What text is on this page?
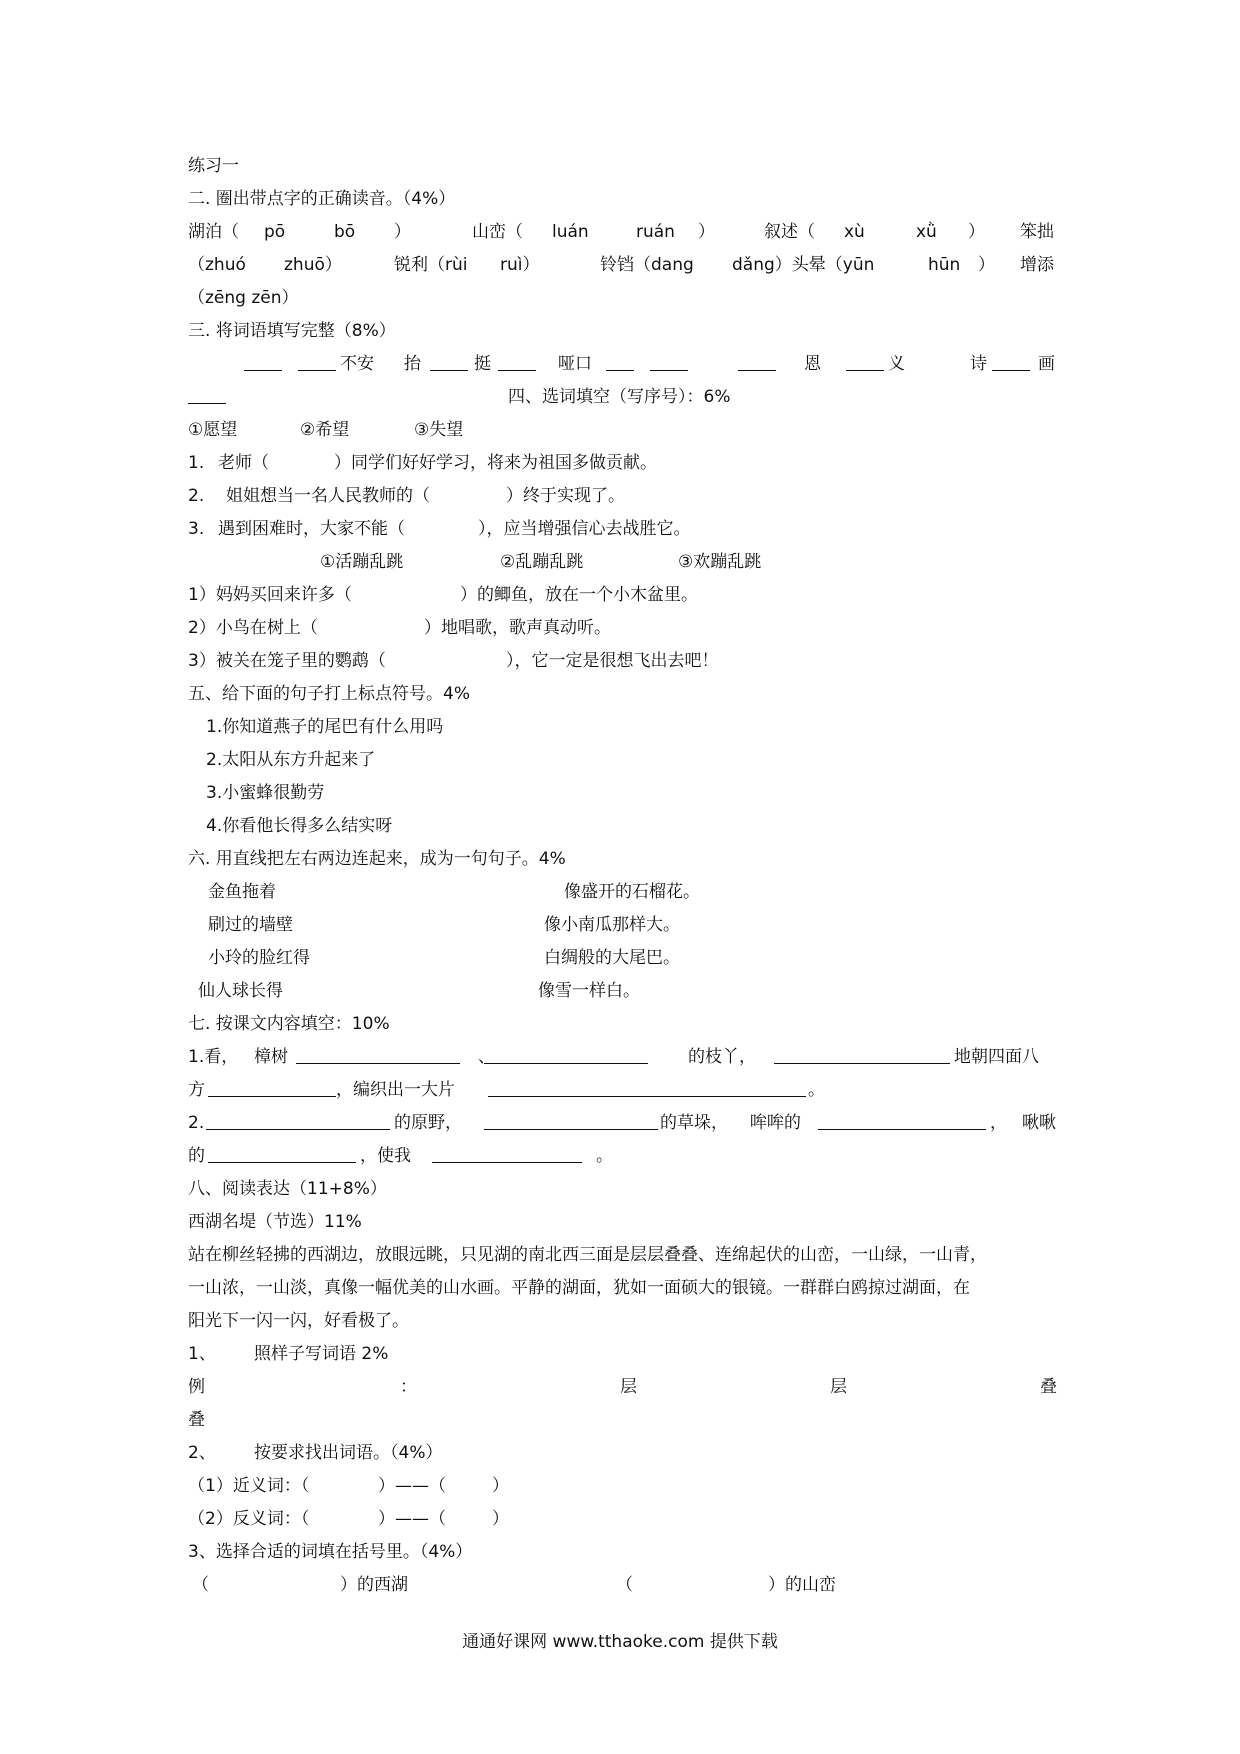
练习一
二. 圈出带点字的正确读音。（4%）
湖泊（ pō	bō ）	山峦（ luán	ruán ）	叙述（ xù	xǜ ） 笨拙
（zhuó zhuō）	锐利（rùi ruì）	铃铛（dang dǎng）头晕（yūn	hūn ） 增添
（zēng zēn）
三. 将词语填写完整（8%）
不安 抬	挺	哑口	恩	义	诗	画
四、选词填空（写序号）：6%
①愿望	②希望	③失望
1. 老师（	）同学们好好学习，将来为祖国多做贡献。
2. 姐姐想当一名人民教师的（	）终于实现了。
3. 遇到困难时，大家不能（	），应当增强信心去战胜它。
①活蹦乱跳	②乱蹦乱跳	③欢蹦乱跳
1）妈妈买回来许多（	）的鲫鱼，放在一个小木盆里。
2）小鸟在树上（	）地唱歌，歌声真动听。
3）被关在笼子里的鹦鹉（	），它一定是很想飞出去吧！
五、给下面的句子打上标点符号。4%
1.你知道燕子的尾巴有什么用吗
2.太阳从东方升起来了
3.小蜜蜂很勤劳
4.你看他长得多么结实呀
六. 用直线把左右两边连起来，成为一句句子。4%
金鱼拖着	像盛开的石榴花。
刷过的墙壁	像小南瓜那样大。
小玲的脸红得	白绸般的大尾巴。
仙人球长得	像雪一样白。
七. 按课文内容填空：10%
1.看， 樟树	、	的枝丫，	地朝四面八
方	，编织出一大片	。
2.	的原野，	的草垛， 哞哞的	， 啾啾
的	，使我	。
八、阅读表达（11+8%）
西湖名堤（节选）11%
站在柳丝轻拂的西湖边，放眼远眺，只见湖的南北西三面是层层叠叠、连绵起伏的山峦，一山绿，一山青，
一山浓，一山淡，真像一幅优美的山水画。平静的湖面，犹如一面硕大的银镜。一群群白鸥掠过湖面，在
阳光下一闪一闪，好看极了。
1、 照样子写词语 2%
例	：	层	层	叠
叠
2、 按要求找出词语。（4%）
（1）近义词：（	）——（	）
（2）反义词：（	）——（	）
3、选择合适的词填在括号里。（4%）
（	）的西湖	（	）的山峦
通通好课网 www.tthaoke.com 提供下载
